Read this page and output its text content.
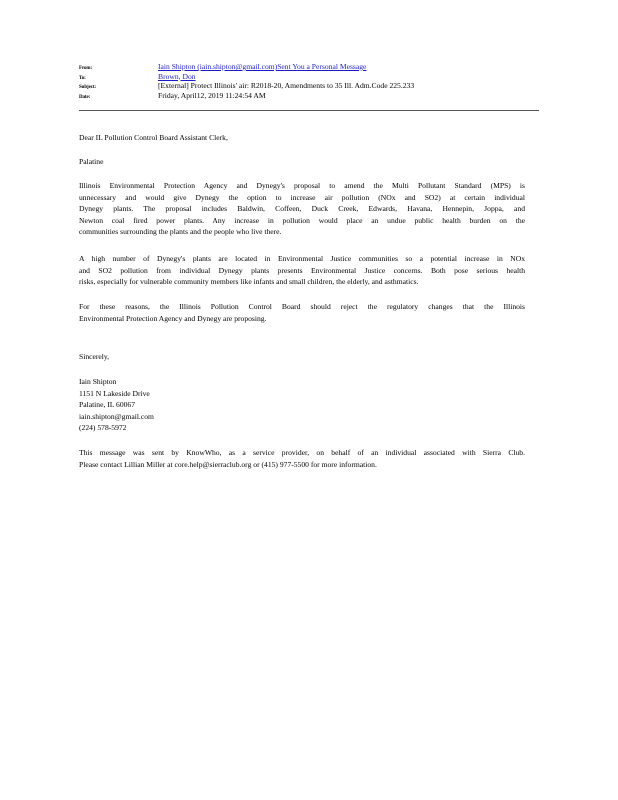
From:	Iain Shipton (iain.shipton@gmail.com)Sent You a Personal Message
To:	Brown, Don
Subject:	[External] Protect Illinois' air: R2018-20, Amendments to 35 Ill. Adm.Code 225.233
Date:	Friday, April12, 2019 11:24:54 AM

Dear IL Pollution Control Board Assistant Clerk,

Palatine

Illinois Environmental Protection Agency and Dynegy's proposal to amend the Multi Pollutant Standard (MPS) is
unnecessary and would give Dynegy the option to increase air pollution (NOx and SO2) at certain individual
Dynegy plants. The proposal includes Baldwin, Coffeen, Duck Creek, Edwards, Havana, Hennepin, Joppa, and
Newton coal fired power plants. Any increase in pollution would place an undue public health burden on the
communities surrounding the plants and the people who live there.

A high number of Dynegy's plants are located in Environmental Justice communities so a potential increase in NOx
and SO2 pollution from individual Dynegy plants presents Environmental Justice concerns. Both pose serious health
risks, especially for vulnerable community members like infants and small children, the elderly, and asthmatics.

For these reasons, the Illinois Pollution Control Board should reject the regulatory changes that the Illinois
Environmental Protection Agency and Dynegy are proposing.

Sincerely,

Iain Shipton
1151 N Lakeside Drive
Palatine, IL 60067
iain.shipton@gmail.com
(224) 578-5972

This message was sent by KnowWho, as a service provider, on behalf of an individual associated with Sierra Club.
Please contact Lillian Miller at core.help@sierraclub.org or (415) 977-5500 for more information.
